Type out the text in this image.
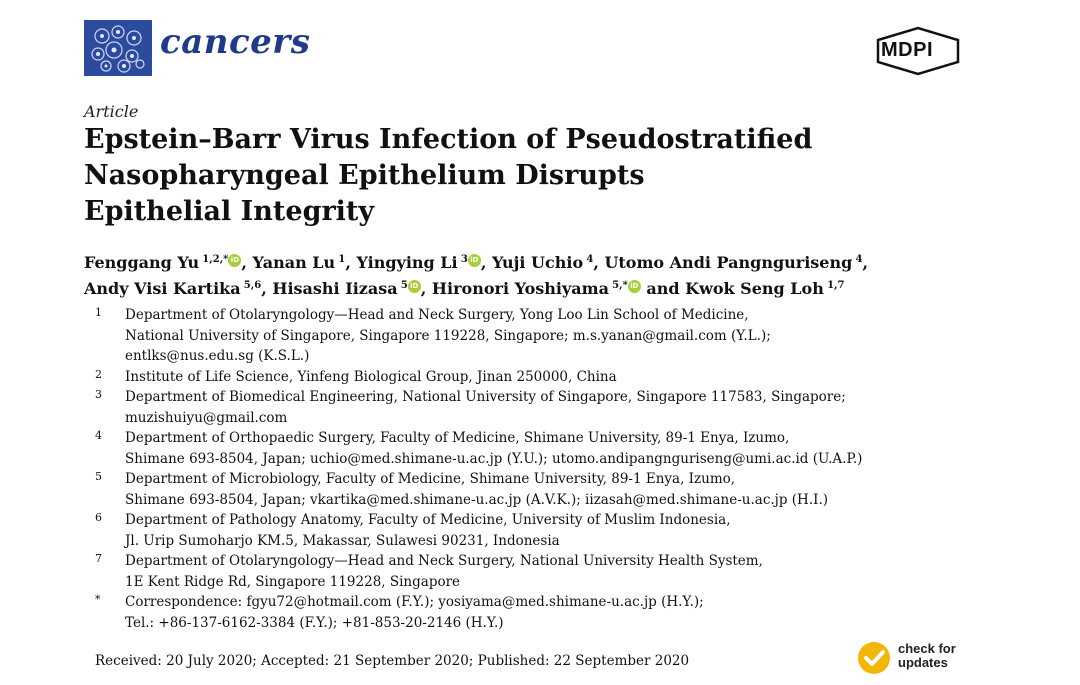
cancers	MDPI
Article
Epstein–Barr Virus Infection of Pseudostratified
Nasopharyngeal Epithelium Disrupts
Epithelial Integrity
Fenggang Yu  $^{1,2,*}$ iD , Yanan Lu  $^1$, Yingying Li  $^3$ iD , Yuji Uchio  $^4$, Utomo Andi Pangnguriseng  $^4$,
Andy Visi Kartika  $^{5,6}$, Hisashi Iizasa  $^5$ iD , Hironori Yoshiyama  $^{5,*}$ iD and Kwok Seng Loh  $^{1,7}$
1 Department of Otolaryngology—Head and Neck Surgery, Yong Loo Lin School of Medicine,
National University of Singapore, Singapore 119228, Singapore; m.s.yanan@gmail.com (Y.L.);
entlks@nus.edu.sg (K.S.L.)
2 Institute of Life Science, Yinfeng Biological Group, Jinan 250000, China
3 Department of Biomedical Engineering, National University of Singapore, Singapore 117583, Singapore;
muzishuiyu@gmail.com
4 Department of Orthopaedic Surgery, Faculty of Medicine, Shimane University, 89-1 Enya, Izumo,
Shimane 693-8504, Japan; uchio@med.shimane-u.ac.jp (Y.U.); utomo.andipangnguriseng@umi.ac.id (U.A.P.)
5 Department of Microbiology, Faculty of Medicine, Shimane University, 89-1 Enya, Izumo,
Shimane 693-8504, Japan; vkartika@med.shimane-u.ac.jp (A.V.K.); iizasah@med.shimane-u.ac.jp (H.I.)
6 Department of Pathology Anatomy, Faculty of Medicine, University of Muslim Indonesia,
Jl. Urip Sumoharjo KM.5, Makassar, Sulawesi 90231, Indonesia
7 Department of Otolaryngology—Head and Neck Surgery, National University Health System,
1E Kent Ridge Rd, Singapore 119228, Singapore
* Correspondence: fgyu72@hotmail.com (F.Y.); yosiyama@med.shimane-u.ac.jp (H.Y.);
Tel.: +86-137-6162-3384 (F.Y.); +81-853-20-2146 (H.Y.)
Received: 20 July 2020; Accepted: 21 September 2020; Published: 22 September 2020
check for
updates
